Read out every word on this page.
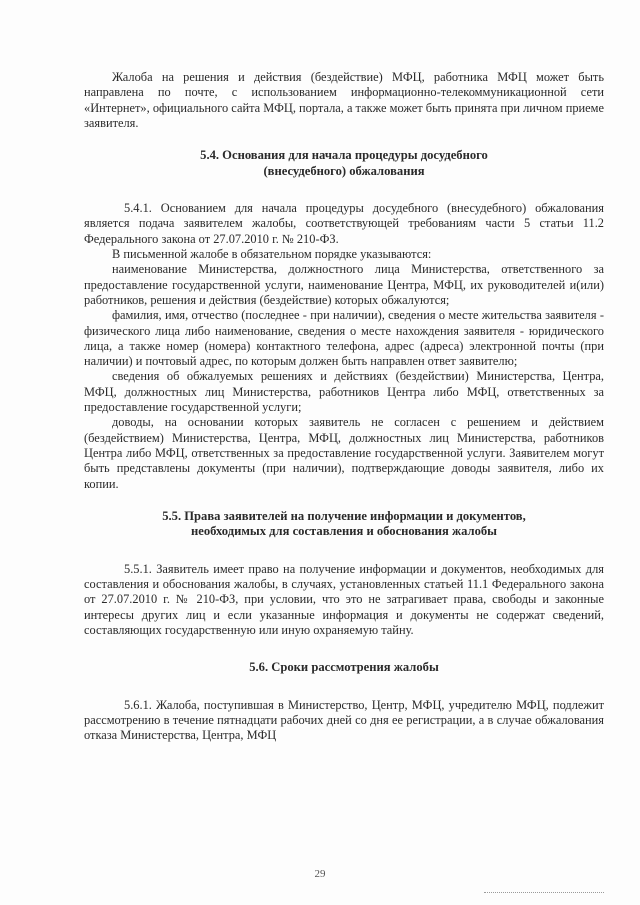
Жалоба на решения и действия (бездействие) МФЦ, работника МФЦ может быть направлена по почте, с использованием информационно-телекоммуникационной сети «Интернет», официального сайта МФЦ, портала, а также может быть принята при личном приеме заявителя.

5.4. Основания для начала процедуры досудебного
(внесудебного) обжалования

5.4.1. Основанием для начала процедуры досудебного (внесудебного) обжалования является подача заявителем жалобы, соответствующей требованиям части 5 статьи 11.2 Федерального закона от 27.07.2010 г. № 210-ФЗ.

В письменной жалобе в обязательном порядке указываются:

наименование Министерства, должностного лица Министерства, ответственного за предоставление государственной услуги, наименование Центра, МФЦ, их руководителей и(или) работников, решения и действия (бездействие) которых обжалуются;

фамилия, имя, отчество (последнее - при наличии), сведения о месте жительства заявителя - физического лица либо наименование, сведения о месте нахождения заявителя - юридического лица, а также номер (номера) контактного телефона, адрес (адреса) электронной почты (при наличии) и почтовый адрес, по которым должен быть направлен ответ заявителю;

сведения об обжалуемых решениях и действиях (бездействии) Министерства, Центра, МФЦ, должностных лиц Министерства, работников Центра либо МФЦ, ответственных за предоставление государственной услуги;

доводы, на основании которых заявитель не согласен с решением и действием (бездействием) Министерства, Центра, МФЦ, должностных лиц Министерства, работников Центра либо МФЦ, ответственных за предоставление государственной услуги. Заявителем могут быть представлены документы (при наличии), подтверждающие доводы заявителя, либо их копии.

5.5. Права заявителей на получение информации и документов,
необходимых для составления и обоснования жалобы

5.5.1. Заявитель имеет право на получение информации и документов, необходимых для составления и обоснования жалобы, в случаях, установленных статьей 11.1 Федерального закона от 27.07.2010 г. № 210-ФЗ, при условии, что это не затрагивает права, свободы и законные интересы других лиц и если указанные информация и документы не содержат сведений, составляющих государственную или иную охраняемую тайну.

5.6. Сроки рассмотрения жалобы

5.6.1. Жалоба, поступившая в Министерство, Центр, МФЦ, учредителю МФЦ, подлежит рассмотрению в течение пятнадцати рабочих дней со дня ее регистрации, а в случае обжалования отказа Министерства, Центра, МФЦ

29
